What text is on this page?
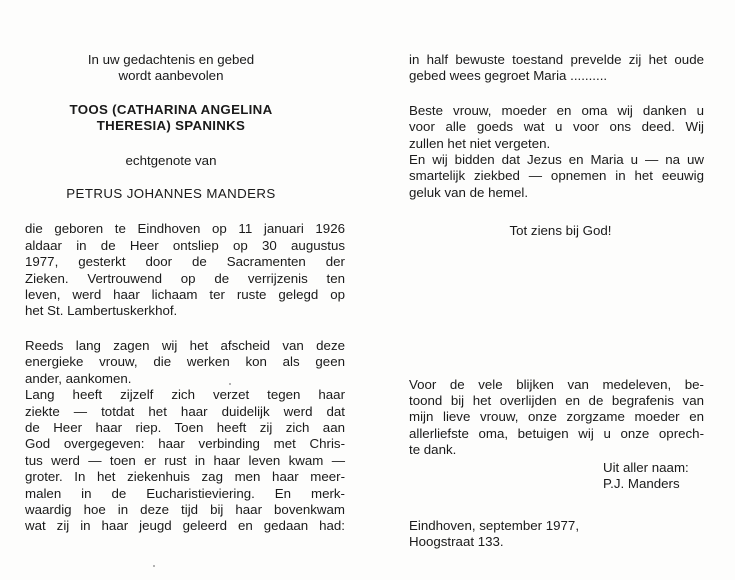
In uw gedachtenis en gebed
wordt aanbevolen
TOOS (CATHARINA ANGELINA
THERESIA) SPANINKS
echtgenote van
PETRUS JOHANNES MANDERS
die geboren te Eindhoven op 11 januari 1926
aldaar in de Heer ontsliep op 30 augustus
1977, gesterkt door de Sacramenten der
Zieken. Vertrouwend op de verrijzenis ten
leven, werd haar lichaam ter ruste gelegd op
het St. Lambertuskerkhof.
Reeds lang zagen wij het afscheid van deze
energieke vrouw, die werken kon als geen
ander, aankomen.
Lang heeft zijzelf zich verzet tegen haar
ziekte — totdat het haar duidelijk werd dat
de Heer haar riep. Toen heeft zij zich aan
God overgegeven: haar verbinding met Chris-
tus werd — toen er rust in haar leven kwam —
groter. In het ziekenhuis zag men haar meer-
malen in de Eucharistieviering. En merk-
waardig hoe in deze tijd bij haar bovenkwam
wat zij in haar jeugd geleerd en gedaan had:
in half bewuste toestand prevelde zij het oude
gebed wees gegroet Maria ..........
Beste vrouw, moeder en oma wij danken u
voor alle goeds wat u voor ons deed. Wij
zullen het niet vergeten.
En wij bidden dat Jezus en Maria u — na uw
smartelijk ziekbed — opnemen in het eeuwig
geluk van de hemel.
Tot ziens bij God!
Voor de vele blijken van medeleven, be-
toond bij het overlijden en de begrafenis van
mijn lieve vrouw, onze zorgzame moeder en
allerliefste oma, betuigen wij u onze oprech-
te dank.
Uit aller naam:
P.J. Manders
Eindhoven, september 1977,
Hoogstraat 133.
